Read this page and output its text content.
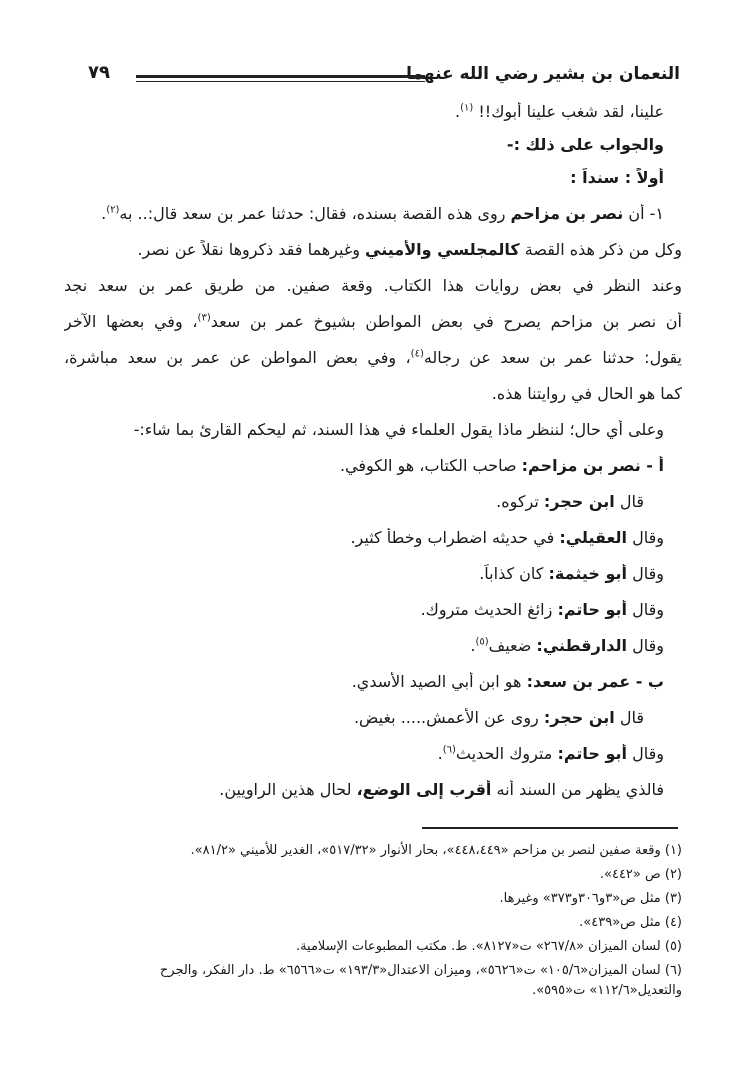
النعمان بن بشير رضي الله عنهما
٧٩
علينا، لقد شغب علينا أبوك!! $^{(١)}$.
والجواب على ذلك :-
أولاً : سنداً :
١- أن نصر بن مزاحم روى هذه القصة بسنده، فقال: حدثنا عمر بن سعد قال:.. به$^{(٢)}$.
وكل من ذكر هذه القصة كالمجلسي والأميني وغيرهما فقد ذكروها نقلاً عن نصر.
وعند النظر في بعض روايات هذا الكتاب. وقعة صفين. من طريق عمر بن سعد نجد
أن نصر بن مزاحم يصرح في بعض المواطن بشيوخ عمر بن سعد$^{(٣)}$، وفي بعضها الآخر
يقول: حدثنا عمر بن سعد عن رجاله$^{(٤)}$، وفي بعض المواطن عن عمر بن سعد مباشرة،
كما هو الحال في روايتنا هذه.
وعلى أي حال؛ لننظر ماذا يقول العلماء في هذا السند، ثم ليحكم القارئ بما شاء:-
أ - نصر بن مزاحم: صاحب الكتاب، هو الكوفي.
قال ابن حجر: تركوه.
وقال العقيلي: في حديثه اضطراب وخطأ كثير.
وقال أبو خيثمة: كان كذاباً.
وقال أبو حاتم: زائغ الحديث متروك.
وقال الدارقطني: ضعيف$^{(٥)}$.
ب - عمر بن سعد: هو ابن أبي الصيد الأسدي.
قال ابن حجر: روى عن الأعمش..... بغيض.
وقال أبو حاتم: متروك الحديث$^{(٦)}$.
فالذي يظهر من السند أنه أقرب إلى الوضع، لحال هذين الراويين.
(١) وقعة صفين لنصر بن مزاحم «٤٤٨،٤٤٩»، بحار الأنوار «٥١٧/٣٢»، الغدير للأميني «٨١/٢».
(٢) ص «٤٤٢».
(٣) مثل ص«٣و٣٠٦و٣٧٣» وغيرها.
(٤) مثل ص«٤٣٩».
(٥) لسان الميزان «٢٦٧/٨» ت«٨١٢٧». ط. مكتب المطبوعات الإسلامية.
(٦) لسان الميزان«١٠٥/٦» ت«٥٦٢٦»، وميزان الاعتدال«١٩٣/٣» ت«٦٥٦٦» ط. دار الفكر، والجرح
والتعديل«١١٢/٦» ت«٥٩٥».
